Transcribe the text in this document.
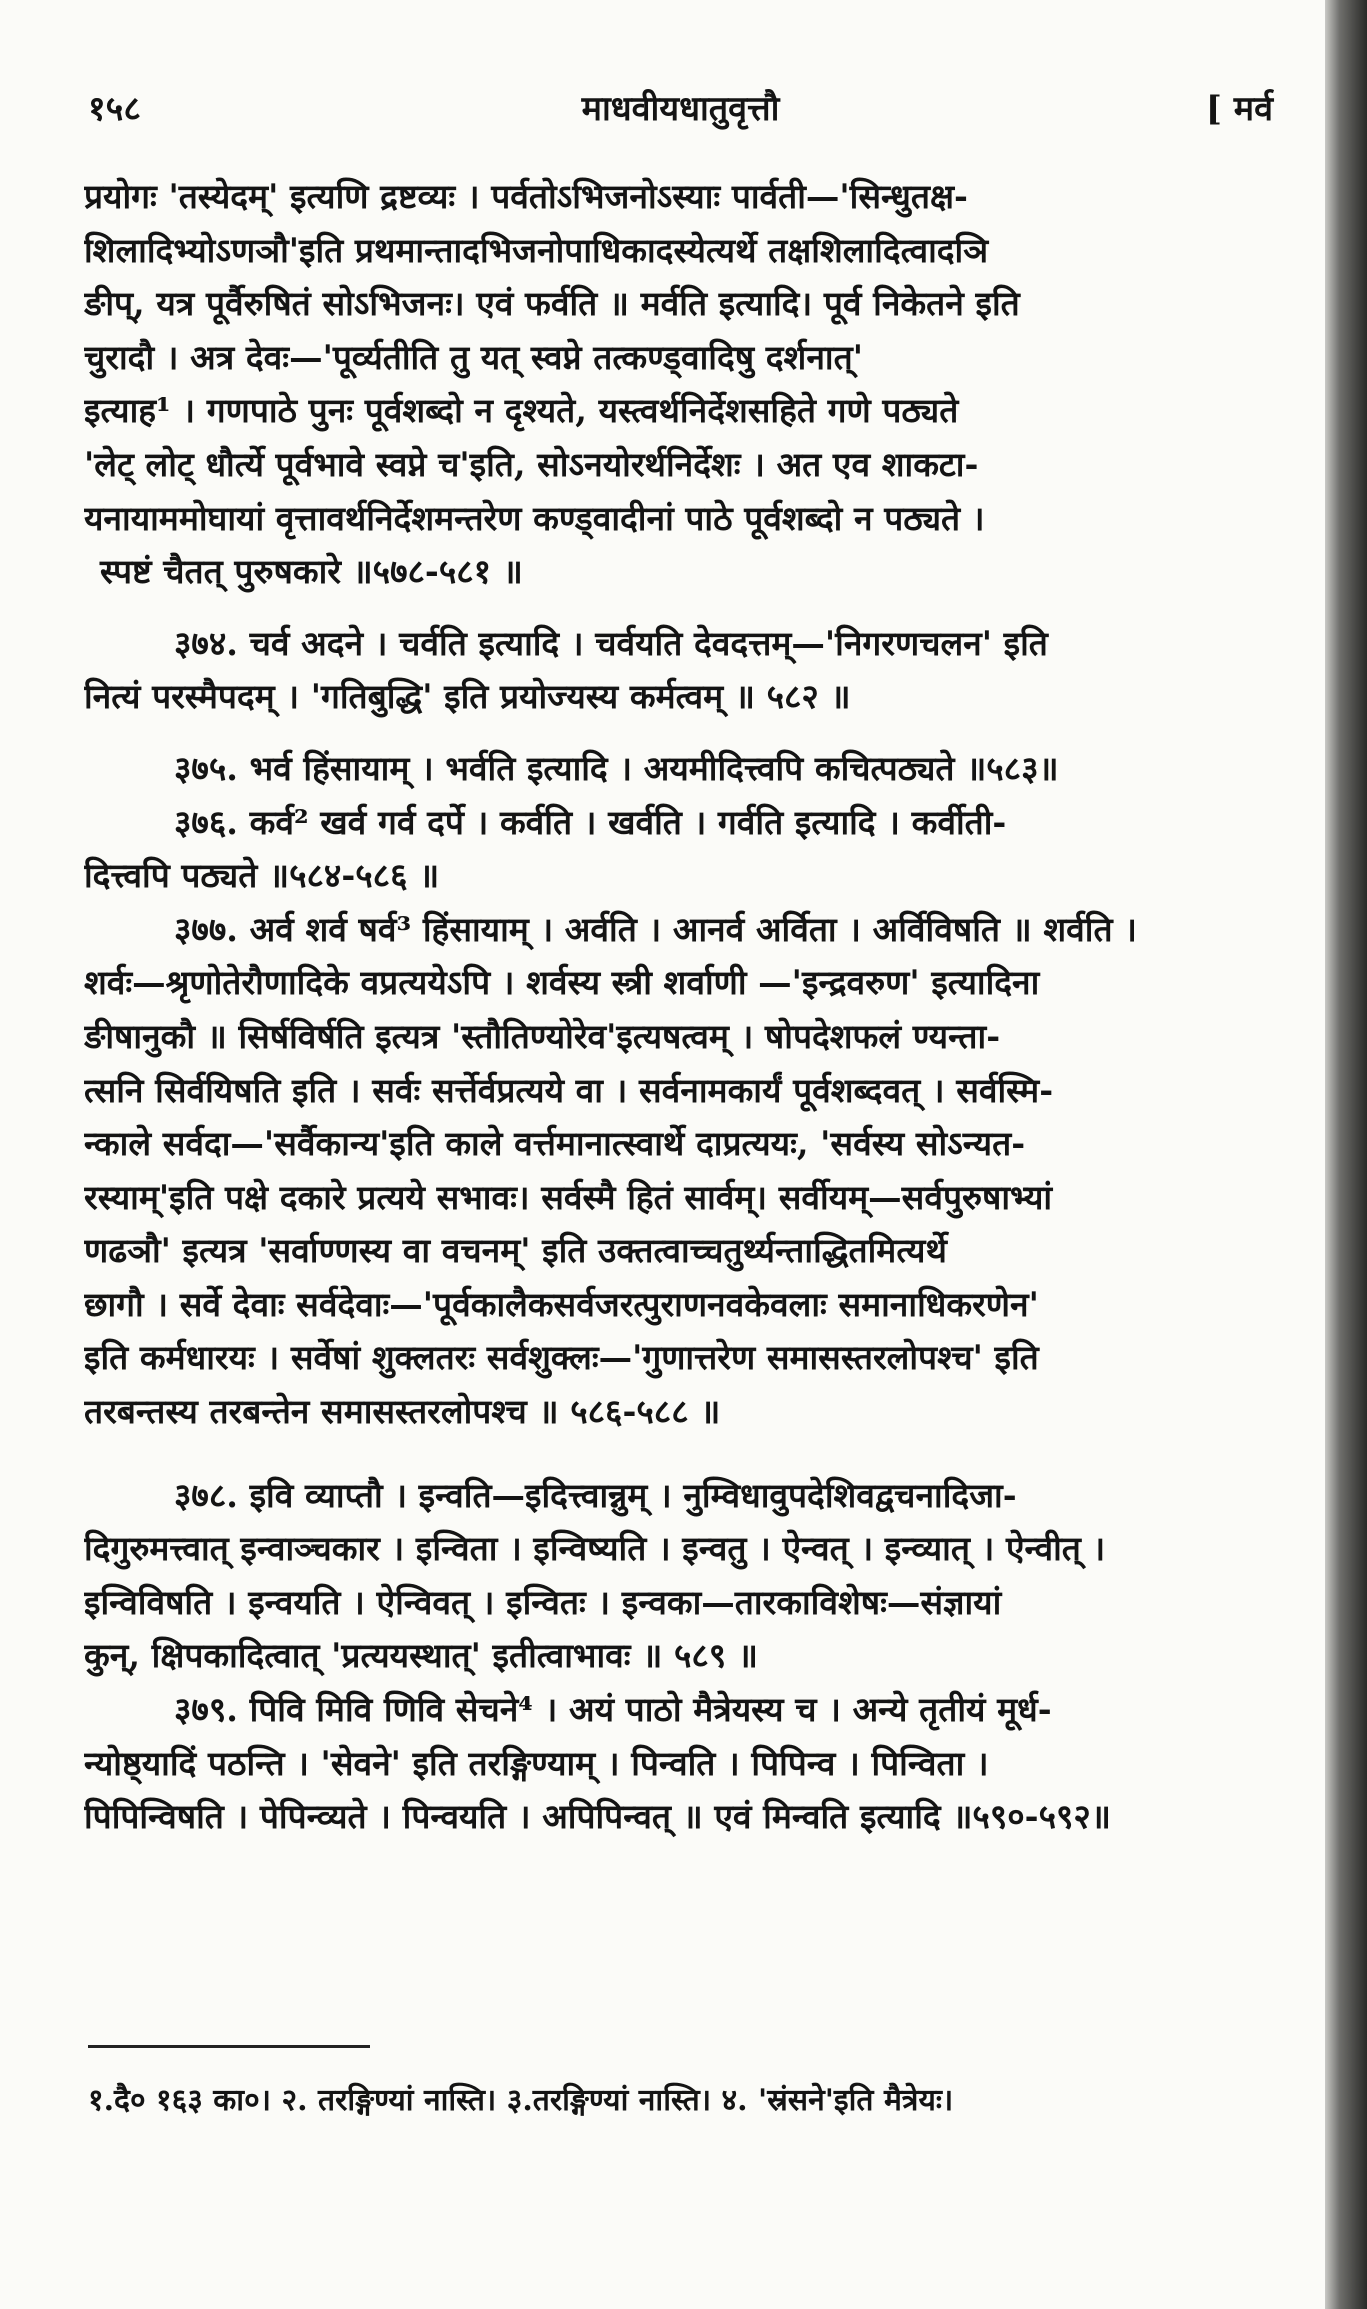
१५८	माधवीयधातुवृत्तौ	[ मर्व
प्रयोगः 'तस्येदम्' इत्यणि द्रष्टव्यः । पर्वतोऽभिजनोऽस्याः पार्वती—'सिन्धुतक्ष-
शिलादिभ्योऽणञौ'इति प्रथमान्तादभिजनोपाधिकादस्येत्यर्थे तक्षशिलादित्वादञि
ङीप्, यत्र पूर्वैरुषितं सोऽभिजनः। एवं फर्वति ॥ मर्वति इत्यादि। पूर्व निकेतने इति
चुरादौ । अत्र देवः—'पूर्व्यतीति तु यत् स्वप्ने तत्कण्ड्वादिषु दर्शनात्'
इत्याह¹ । गणपाठे पुनः पूर्वशब्दो न दृश्यते, यस्त्वर्थनिर्देशसहिते गणे पठ्यते
'लेट् लोट् धौर्त्ये पूर्वभावे स्वप्ने च'इति, सोऽनयोरर्थनिर्देशः । अत एव शाकटा-
यनायाममोघायां वृत्तावर्थनिर्देशमन्तरेण कण्ड्वादीनां पाठे पूर्वशब्दो न पठ्यते ।
स्पष्टं चैतत् पुरुषकारे ॥५७८-५८१ ॥
३७४. चर्व अदने । चर्वति इत्यादि । चर्वयति देवदत्तम्—'निगरणचलन' इति
नित्यं परस्मैपदम् । 'गतिबुद्धि' इति प्रयोज्यस्य कर्मत्वम् ॥ ५८२ ॥
३७५. भर्व हिंसायाम् । भर्वति इत्यादि । अयमीदित्त्वपि कचित्पठ्यते ॥५८३॥
३७६. कर्व² खर्व गर्व दर्पे । कर्वति । खर्वति । गर्वति इत्यादि । कर्वीती-
दित्त्वपि पठ्यते ॥५८४-५८६ ॥
३७७. अर्व शर्व षर्व³ हिंसायाम् । अर्वति । आनर्व अर्विता । अर्विविषति ॥ शर्वति ।
शर्वः—श्रृणोतेरौणादिके वप्रत्ययेऽपि । शर्वस्य स्त्री शर्वाणी —'इन्द्रवरुण' इत्यादिना
ङीषानुकौ ॥ सिर्षविर्षति इत्यत्र 'स्तौतिण्योरेव'इत्यषत्वम् । षोपदेशफलं ण्यन्ता-
त्सनि सिर्वयिषति इति । सर्वः सर्त्तेर्वप्रत्यये वा । सर्वनामकार्यं पूर्वशब्दवत् । सर्वस्मि-
न्काले सर्वदा—'सर्वैकान्य'इति काले वर्त्तमानात्स्वार्थे दाप्रत्ययः, 'सर्वस्य सोऽन्यत-
रस्याम्'इति पक्षे दकारे प्रत्यये सभावः। सर्वस्मै हितं सार्वम्। सर्वीयम्—सर्वपुरुषाभ्यां
णढञौ' इत्यत्र 'सर्वाण्णस्य वा वचनम्' इति उक्तत्वाच्चतुर्थ्यन्ताद्धितमित्यर्थे
छागौ । सर्वे देवाः सर्वदेवाः—'पूर्वकालैकसर्वजरत्पुराणनवकेवलाः समानाधिकरणेन'
इति कर्मधारयः । सर्वेषां शुक्लतरः सर्वशुक्लः—'गुणात्तरेण समासस्तरलोपश्च' इति
तरबन्तस्य तरबन्तेन समासस्तरलोपश्च ॥ ५८६-५८८ ॥
३७८. इवि व्याप्तौ । इन्वति—इदित्त्वान्नुम् । नुम्विधावुपदेशिवद्वचनादिजा-
दिगुरुमत्त्वात् इन्वाञ्चकार । इन्विता । इन्विष्यति । इन्वतु । ऐन्वत् । इन्व्यात् । ऐन्वीत् ।
इन्विविषति । इन्वयति । ऐन्विवत् । इन्वितः । इन्वका—तारकाविशेषः—संज्ञायां
कुन्, क्षिपकादित्वात् 'प्रत्ययस्थात्' इतीत्वाभावः ॥ ५८९ ॥
३७९. पिवि मिवि णिवि सेचने⁴ । अयं पाठो मैत्रेयस्य च । अन्ये तृतीयं मूर्ध-
न्योष्ठ्यादिं पठन्ति । 'सेवने' इति तरङ्गिण्याम् । पिन्वति । पिपिन्व । पिन्विता ।
पिपिन्विषति । पेपिन्व्यते । पिन्वयति । अपिपिन्वत् ॥ एवं मिन्वति इत्यादि ॥५९०-५९२॥
१.दै० १६३ का०। २. तरङ्गिण्यां नास्ति। ३.तरङ्गिण्यां नास्ति। ४. 'स्रंसने'इति मैत्रेयः।
